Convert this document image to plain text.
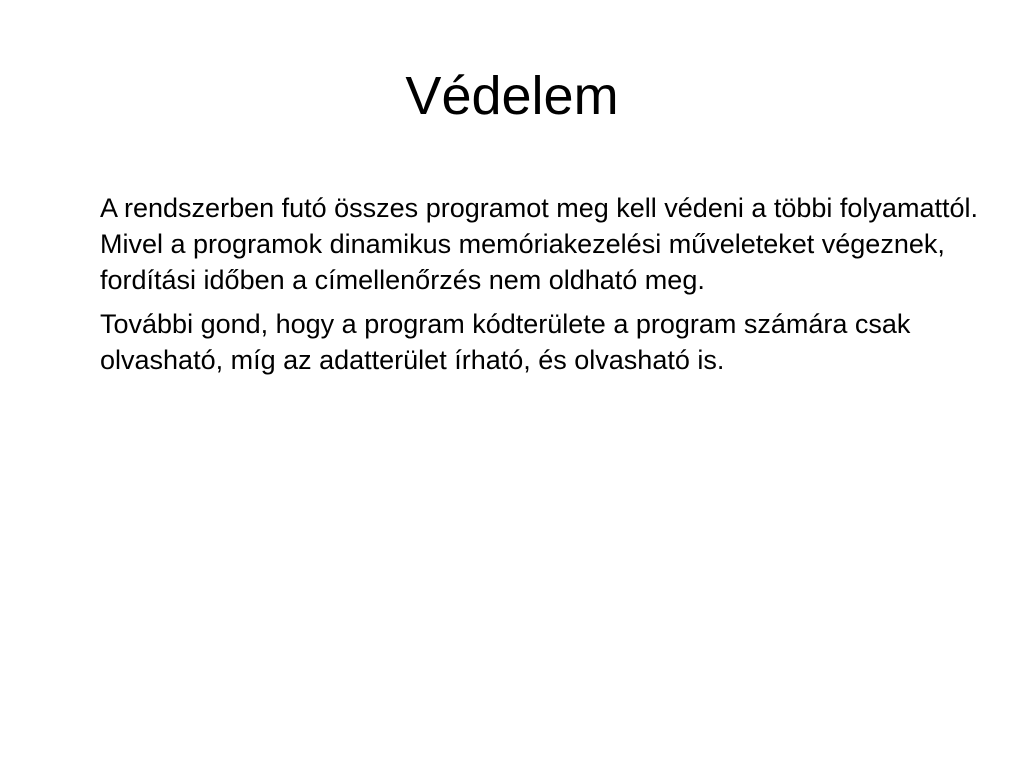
Védelem

A rendszerben futó összes programot meg kell védeni a többi folyamattól. Mivel a programok dinamikus memóriakezelési műveleteket végeznek, fordítási időben a címellenőrzés nem oldható meg.

További gond, hogy a program kódterülete a program számára csak olvasható, míg az adatterület írható, és olvasható is.
